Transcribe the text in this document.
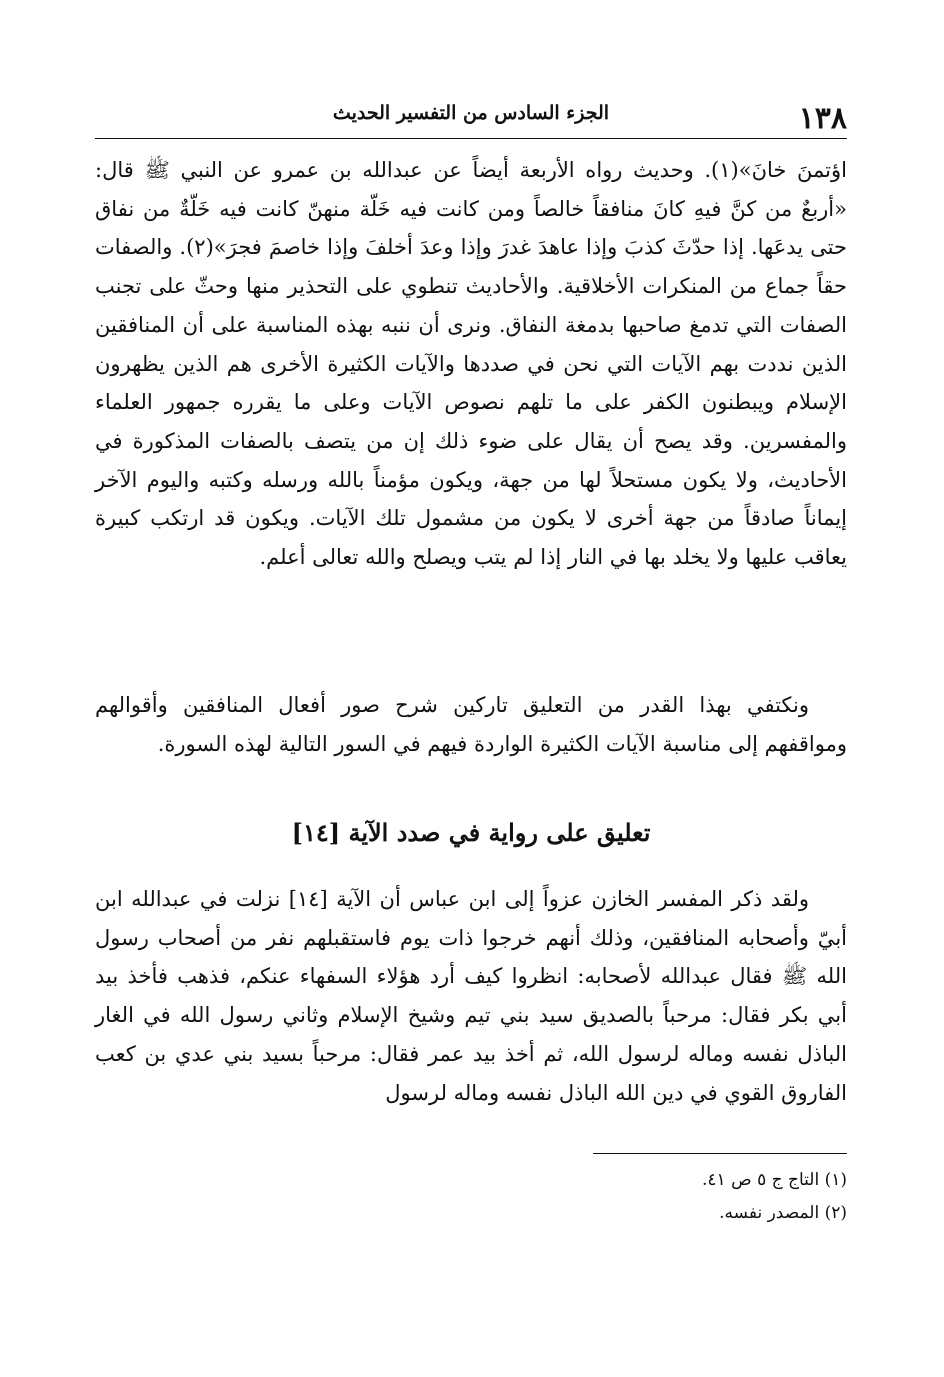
١٣٨
الجزء السادس من التفسير الحديث

اؤتمنَ خانَ»(١). وحديث رواه الأربعة أيضاً عن عبدالله بن عمرو عن النبي ﷺ قال: «أربعٌ من كنَّ فيهِ كانَ منافقاً خالصاً ومن كانت فيه خَلّة منهنّ كانت فيه خَلّةٌ من نفاق حتى يدعَها. إذا حدّثَ كذبَ وإذا عاهدَ غدرَ وإذا وعدَ أخلفَ وإذا خاصمَ فجرَ»(٢). والصفات حقاً جماع من المنكرات الأخلاقية. والأحاديث تنطوي على التحذير منها وحثّ على تجنب الصفات التي تدمغ صاحبها بدمغة النفاق. ونرى أن ننبه بهذه المناسبة على أن المنافقين الذين نددت بهم الآيات التي نحن في صددها والآيات الكثيرة الأخرى هم الذين يظهرون الإسلام ويبطنون الكفر على ما تلهم نصوص الآيات وعلى ما يقرره جمهور العلماء والمفسرين. وقد يصح أن يقال على ضوء ذلك إن من يتصف بالصفات المذكورة في الأحاديث، ولا يكون مستحلاً لها من جهة، ويكون مؤمناً بالله ورسله وكتبه واليوم الآخر إيماناً صادقاً من جهة أخرى لا يكون من مشمول تلك الآيات. ويكون قد ارتكب كبيرة يعاقب عليها ولا يخلد بها في النار إذا لم يتب ويصلح والله تعالى أعلم.

ونكتفي بهذا القدر من التعليق تاركين شرح صور أفعال المنافقين وأقوالهم ومواقفهم إلى مناسبة الآيات الكثيرة الواردة فيهم في السور التالية لهذه السورة.

تعليق على رواية في صدد الآية [١٤]

ولقد ذكر المفسر الخازن عزواً إلى ابن عباس أن الآية [١٤] نزلت في عبدالله ابن أبيّ وأصحابه المنافقين، وذلك أنهم خرجوا ذات يوم فاستقبلهم نفر من أصحاب رسول الله ﷺ فقال عبدالله لأصحابه: انظروا كيف أرد هؤلاء السفهاء عنكم، فذهب فأخذ بيد أبي بكر فقال: مرحباً بالصديق سيد بني تيم وشيخ الإسلام وثاني رسول الله في الغار الباذل نفسه وماله لرسول الله، ثم أخذ بيد عمر فقال: مرحباً بسيد بني عدي بن كعب الفاروق القوي في دين الله الباذل نفسه وماله لرسول

(١) التاج ج ٥ ص ٤١.

(٢) المصدر نفسه.
